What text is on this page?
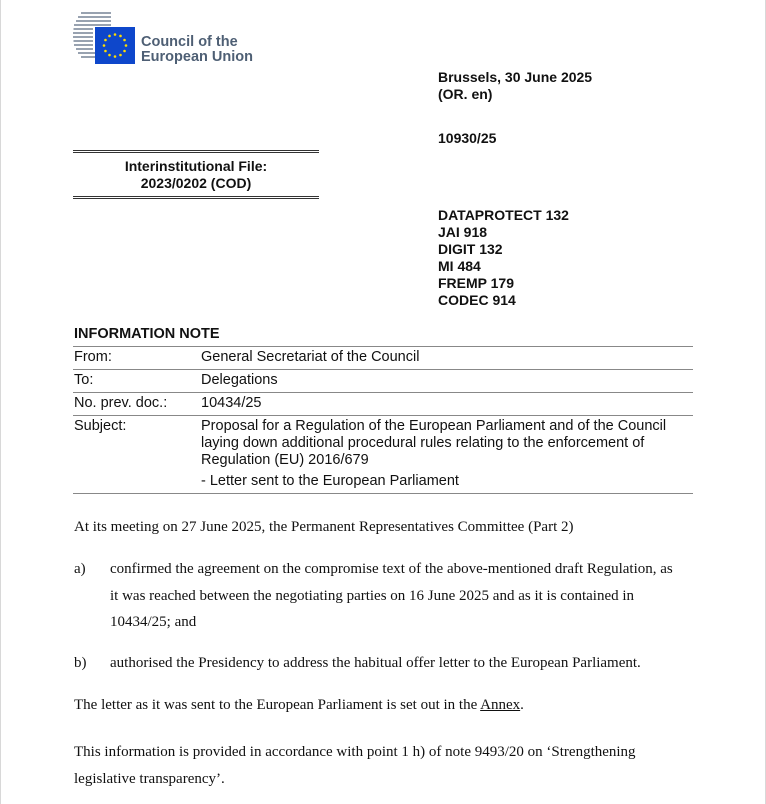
Council of the
European Union
Brussels, 30 June 2025
(OR. en)
10930/25
Interinstitutional File:
2023/0202 (COD)
DATAPROTECT 132
JAI 918
DIGIT 132
MI 484
FREMP 179
CODEC 914
INFORMATION NOTE
From:	General Secretariat of the Council
To:	Delegations
No. prev. doc.: 10434/25
Subject:	Proposal for a Regulation of the European Parliament and of the Council
laying down additional procedural rules relating to the enforcement of
Regulation (EU) 2016/679
- Letter sent to the European Parliament
At its meeting on 27 June 2025, the Permanent Representatives Committee (Part 2)
a) confirmed the agreement on the compromise text of the above-mentioned draft Regulation, as
it was reached between the negotiating parties on 16 June 2025 and as it is contained in
10434/25; and
b) authorised the Presidency to address the habitual offer letter to the European Parliament.
The letter as it was sent to the European Parliament is set out in the Annex.
This information is provided in accordance with point 1 h) of note 9493/20 on ‘Strengthening
legislative transparency’.
